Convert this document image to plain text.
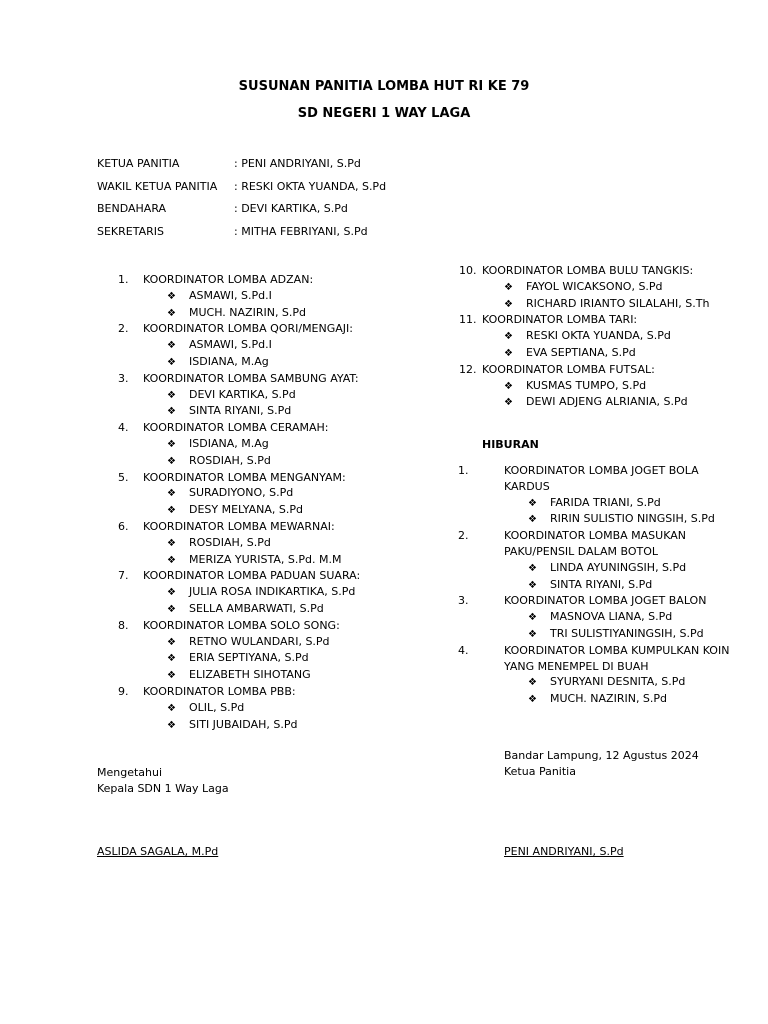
SUSUNAN PANITIA LOMBA HUT RI KE 79
SD NEGERI 1 WAY LAGA
KETUA PANITIA	: PENI ANDRIYANI, S.Pd
WAKIL KETUA PANITIA	: RESKI OKTA YUANDA, S.Pd
BENDAHARA	: DEVI KARTIKA, S.Pd
SEKRETARIS	: MITHA FEBRIYANI, S.Pd
1. KOORDINATOR LOMBA ADZAN:
❖ ASMAWI, S.Pd.I
❖ MUCH. NAZIRIN, S.Pd
2. KOORDINATOR LOMBA QORI/MENGAJI:
❖ ASMAWI, S.Pd.I
❖ ISDIANA, M.Ag
3. KOORDINATOR LOMBA SAMBUNG AYAT:
❖ DEVI KARTIKA, S.Pd
❖ SINTA RIYANI, S.Pd
4. KOORDINATOR LOMBA CERAMAH:
❖ ISDIANA, M.Ag
❖ ROSDIAH, S.Pd
5. KOORDINATOR LOMBA MENGANYAM:
❖ SURADIYONO, S.Pd
❖ DESY MELYANA, S.Pd
6. KOORDINATOR LOMBA MEWARNAI:
❖ ROSDIAH, S.Pd
❖ MERIZA YURISTA, S.Pd. M.M
7. KOORDINATOR LOMBA PADUAN SUARA:
❖ JULIA ROSA INDIKARTIKA, S.Pd
❖ SELLA AMBARWATI, S.Pd
8. KOORDINATOR LOMBA SOLO SONG:
❖ RETNO WULANDARI, S.Pd
❖ ERIA SEPTIYANA, S.Pd
❖ ELIZABETH SIHOTANG
9. KOORDINATOR LOMBA PBB:
❖ OLIL, S.Pd
❖ SITI JUBAIDAH, S.Pd
10. KOORDINATOR LOMBA BULU TANGKIS:
❖ FAYOL WICAKSONO, S.Pd
❖ RICHARD IRIANTO SILALAHI, S.Th
11. KOORDINATOR LOMBA TARI:
❖ RESKI OKTA YUANDA, S.Pd
❖ EVA SEPTIANA, S.Pd
12. KOORDINATOR LOMBA FUTSAL:
❖ KUSMAS TUMPO, S.Pd
❖ DEWI ADJENG ALRIANIA, S.Pd
HIBURAN
1.	KOORDINATOR LOMBA JOGET BOLA KARDUS
❖ FARIDA TRIANI, S.Pd
❖ RIRIN SULISTIO NINGSIH, S.Pd
2.	KOORDINATOR LOMBA MASUKAN PAKU/PENSIL DALAM BOTOL
❖ LINDA AYUNINGSIH, S.Pd
❖ SINTA RIYANI, S.Pd
3.	KOORDINATOR LOMBA JOGET BALON
❖ MASNOVA LIANA, S.Pd
❖ TRI SULISTIYANINGSIH, S.Pd
4.	KOORDINATOR LOMBA KUMPULKAN KOIN YANG MENEMPEL DI BUAH
❖ SYURYANI DESNITA, S.Pd
❖ MUCH. NAZIRIN, S.Pd
Mengetahui
Kepala SDN 1 Way Laga
Bandar Lampung, 12 Agustus 2024
Ketua Panitia
ASLIDA SAGALA, M.Pd	PENI ANDRIYANI, S.Pd
